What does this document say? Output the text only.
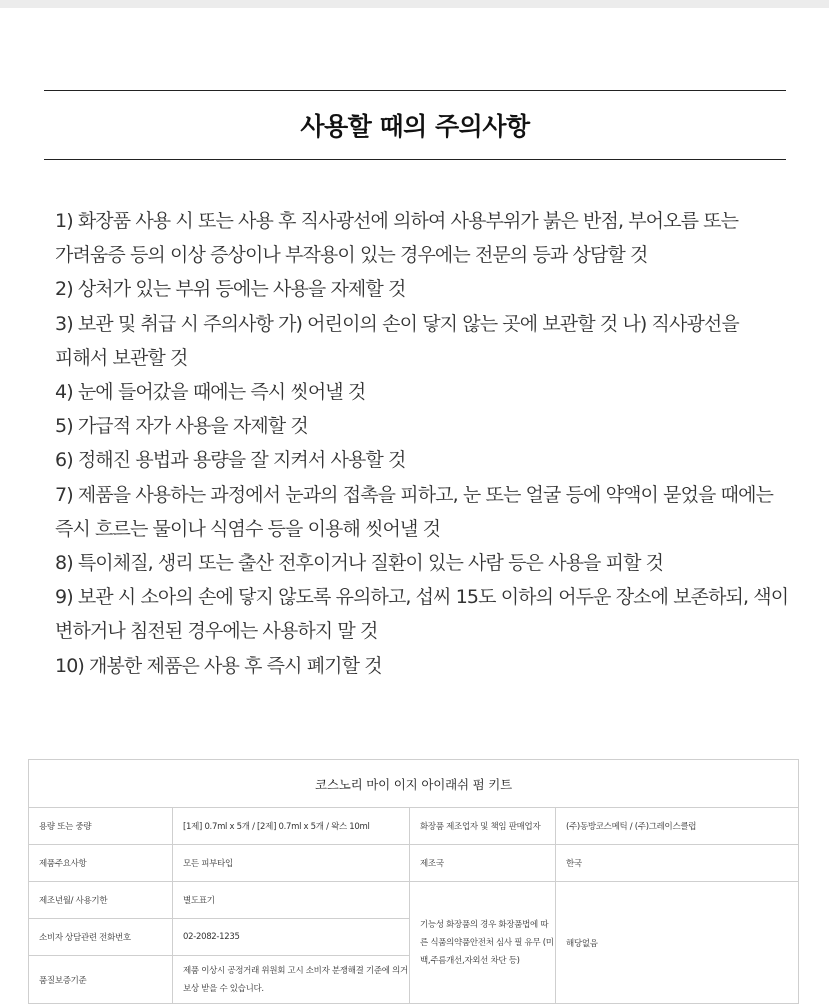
사용할 때의 주의사항
1) 화장품 사용 시 또는 사용 후 직사광선에 의하여 사용부위가 붉은 반점, 부어오름 또는 가려움증 등의 이상 증상이나 부작용이 있는 경우에는 전문의 등과 상담할 것
2) 상처가 있는 부위 등에는 사용을 자제할 것
3) 보관 및 취급 시 주의사항 가) 어린이의 손이 닿지 않는 곳에 보관할 것 나) 직사광선을 피해서 보관할 것
4) 눈에 들어갔을 때에는 즉시 씻어낼 것
5) 가급적 자가 사용을 자제할 것
6) 정해진 용법과 용량을 잘 지켜서 사용할 것
7) 제품을 사용하는 과정에서 눈과의 접촉을 피하고, 눈 또는 얼굴 등에 약액이 묻었을 때에는 즉시 흐르는 물이나 식염수 등을 이용해 씻어낼 것
8) 특이체질, 생리 또는 출산 전후이거나 질환이 있는 사람 등은 사용을 피할 것
9) 보관 시 소아의 손에 닿지 않도록 유의하고, 섭씨 15도 이하의 어두운 장소에 보존하되, 색이 변하거나 침전된 경우에는 사용하지 말 것
10) 개봉한 제품은 사용 후 즉시 폐기할 것
코스노리 마이 이지 아이래쉬 펌 키트			
용량 또는 중량	[1제] 0.7ml x 5개 / [2제] 0.7ml x 5개 / 왁스 10ml	화장품 제조업자 및 책임 판매업자	(주)동방코스메틱 / (주)그레이스클럽
제품주요사항	모든 피부타입	제조국	한국
제조년월/ 사용기한	별도표기	기능성 화장품의 경우 화장품법에 따른 식품의약품안전처 심사 필 유무 (미백,주름개선,자외선 차단 등)	해당없음
소비자 상담관련 전화번호	02-2082-1235		
품질보증기준	제품 이상시 공정거래 위원회 고시 소비자 분쟁해결 기준에 의거 보상 받을 수 있습니다.		
